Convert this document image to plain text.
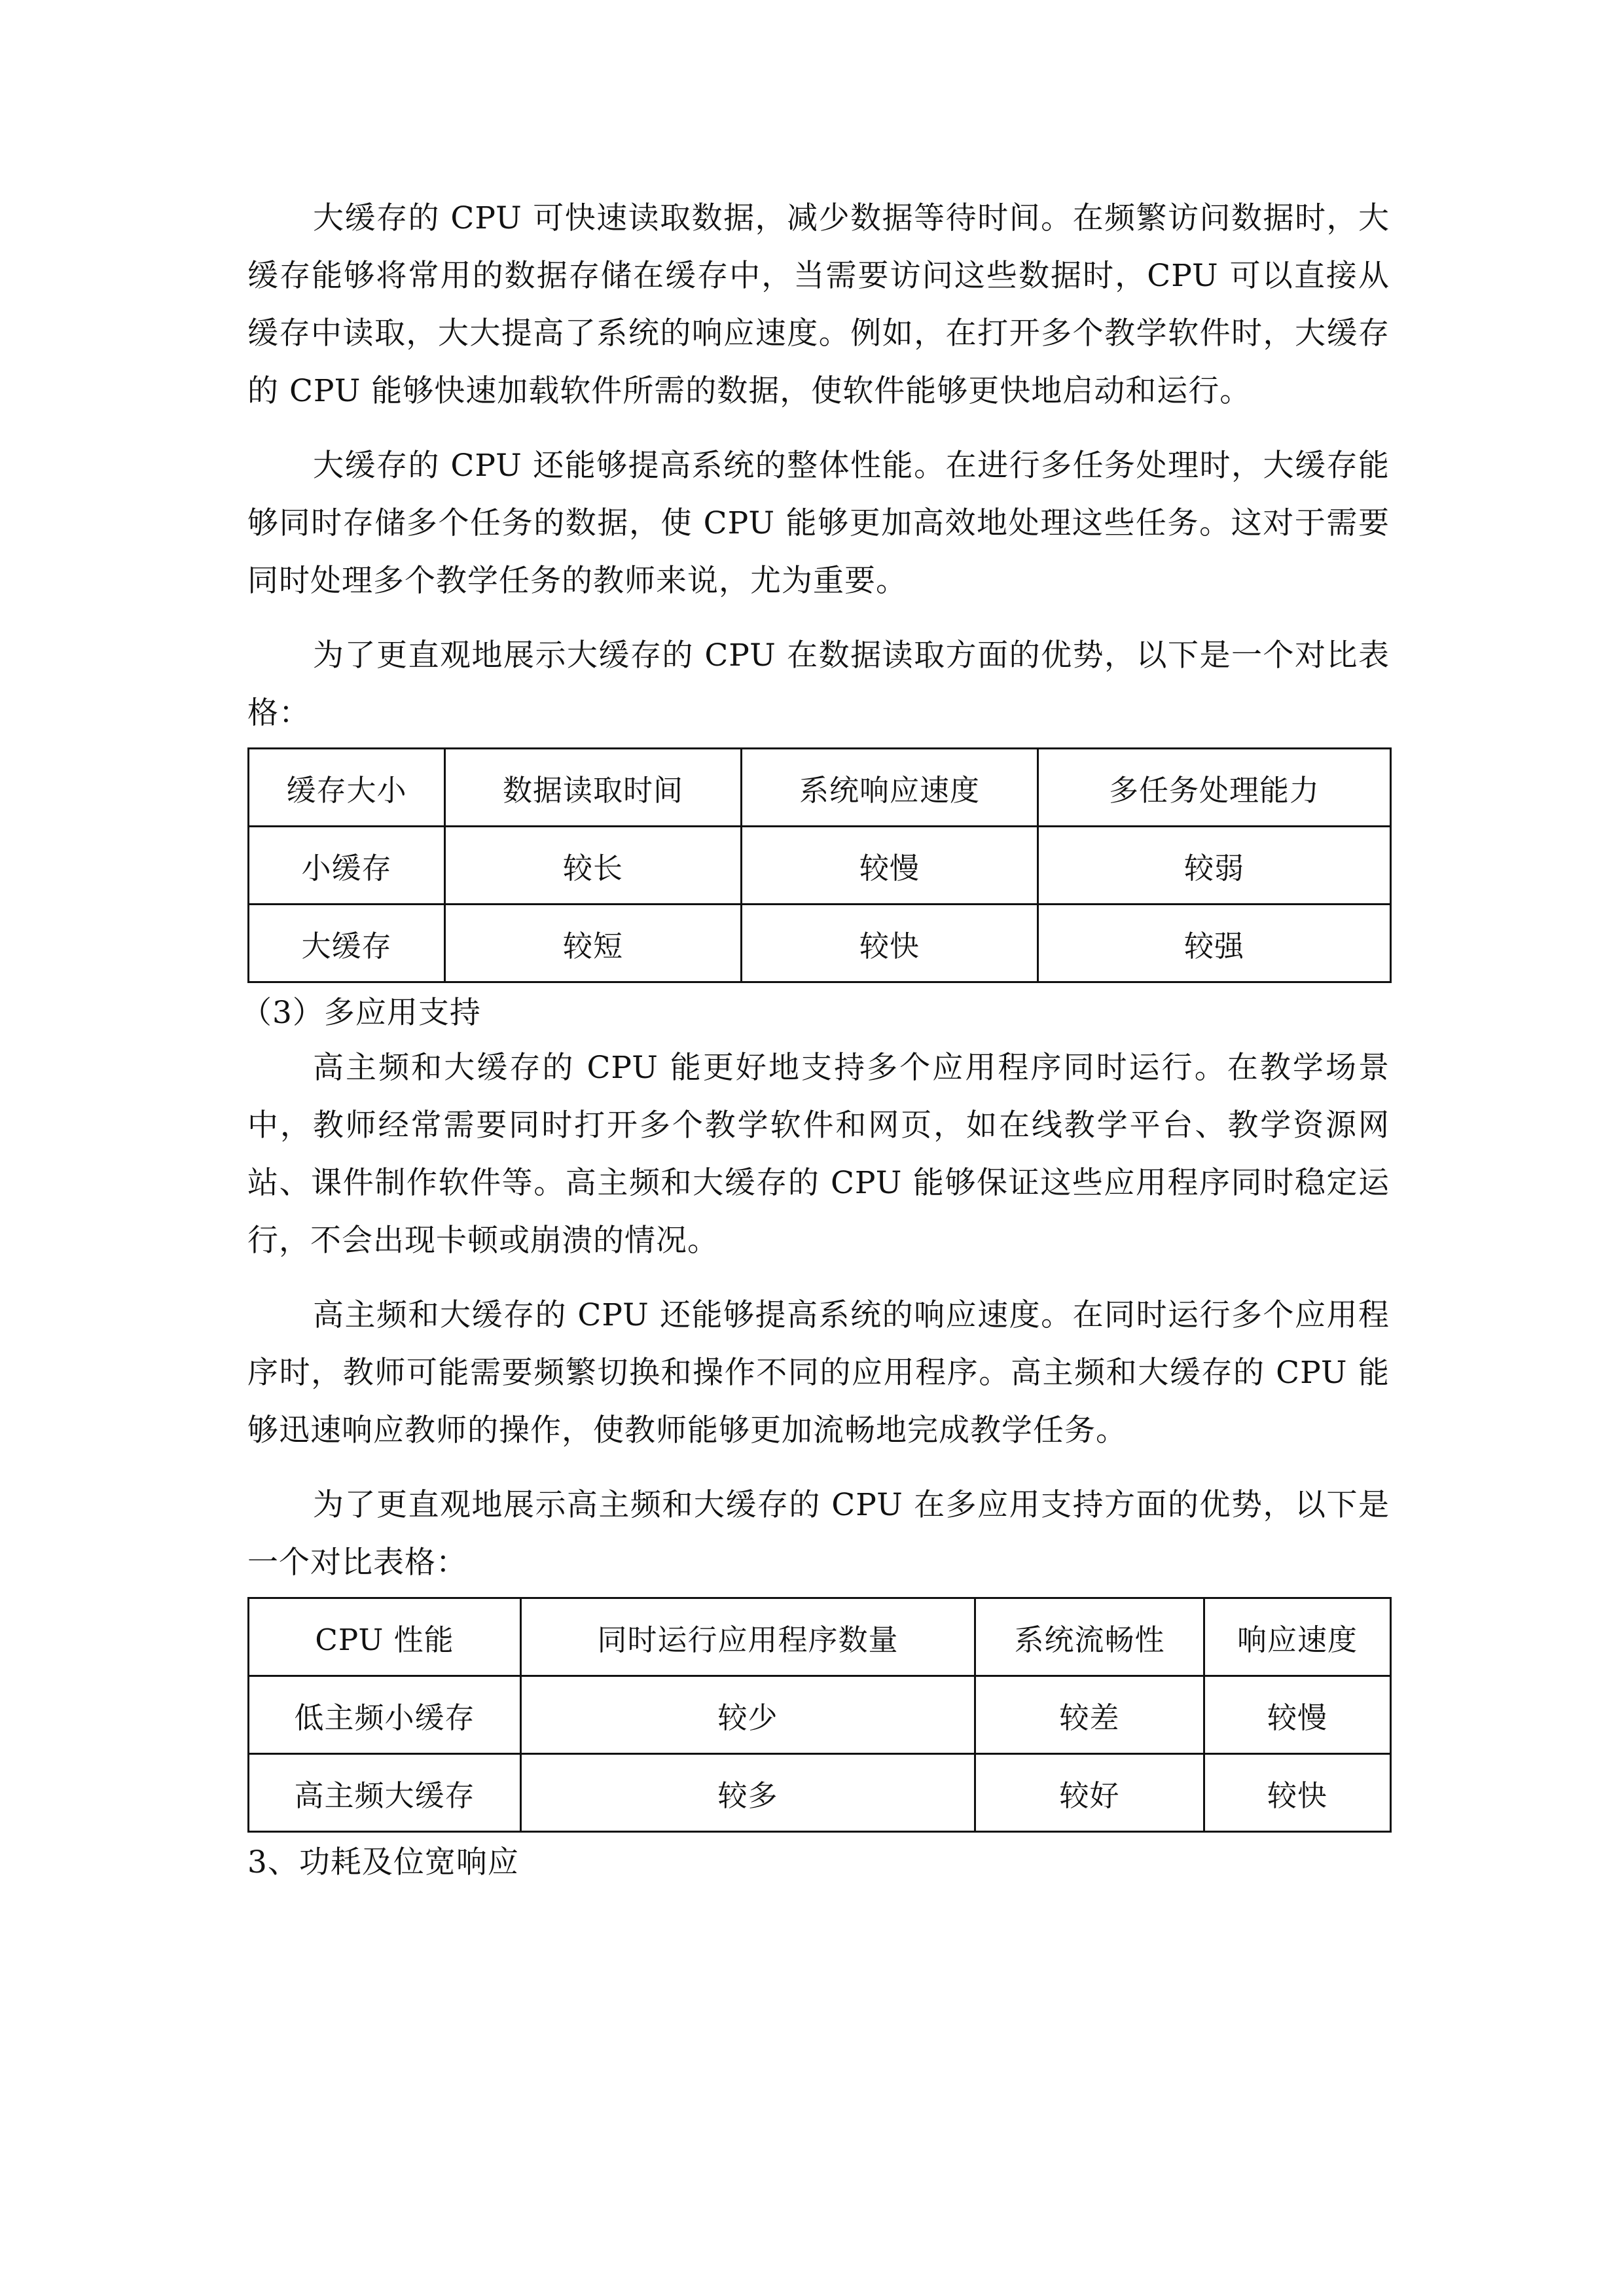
大缓存的 CPU 可快速读取数据，减少数据等待时间。在频繁访问数据时，大缓存能够将常用的数据存储在缓存中，当需要访问这些数据时，CPU 可以直接从缓存中读取，大大提高了系统的响应速度。例如，在打开多个教学软件时，大缓存的 CPU 能够快速加载软件所需的数据，使软件能够更快地启动和运行。

大缓存的 CPU 还能够提高系统的整体性能。在进行多任务处理时，大缓存能够同时存储多个任务的数据，使 CPU 能够更加高效地处理这些任务。这对于需要同时处理多个教学任务的教师来说，尤为重要。

为了更直观地展示大缓存的 CPU 在数据读取方面的优势，以下是一个对比表格：

缓存大小	数据读取时间	系统响应速度	多任务处理能力
小缓存	较长	较慢	较弱
大缓存	较短	较快	较强

（3）多应用支持

高主频和大缓存的 CPU 能更好地支持多个应用程序同时运行。在教学场景中，教师经常需要同时打开多个教学软件和网页，如在线教学平台、教学资源网站、课件制作软件等。高主频和大缓存的 CPU 能够保证这些应用程序同时稳定运行，不会出现卡顿或崩溃的情况。

高主频和大缓存的 CPU 还能够提高系统的响应速度。在同时运行多个应用程序时，教师可能需要频繁切换和操作不同的应用程序。高主频和大缓存的 CPU 能够迅速响应教师的操作，使教师能够更加流畅地完成教学任务。

为了更直观地展示高主频和大缓存的 CPU 在多应用支持方面的优势，以下是一个对比表格：

CPU 性能	同时运行应用程序数量	系统流畅性	响应速度
低主频小缓存	较少	较差	较慢
高主频大缓存	较多	较好	较快

3、功耗及位宽响应
